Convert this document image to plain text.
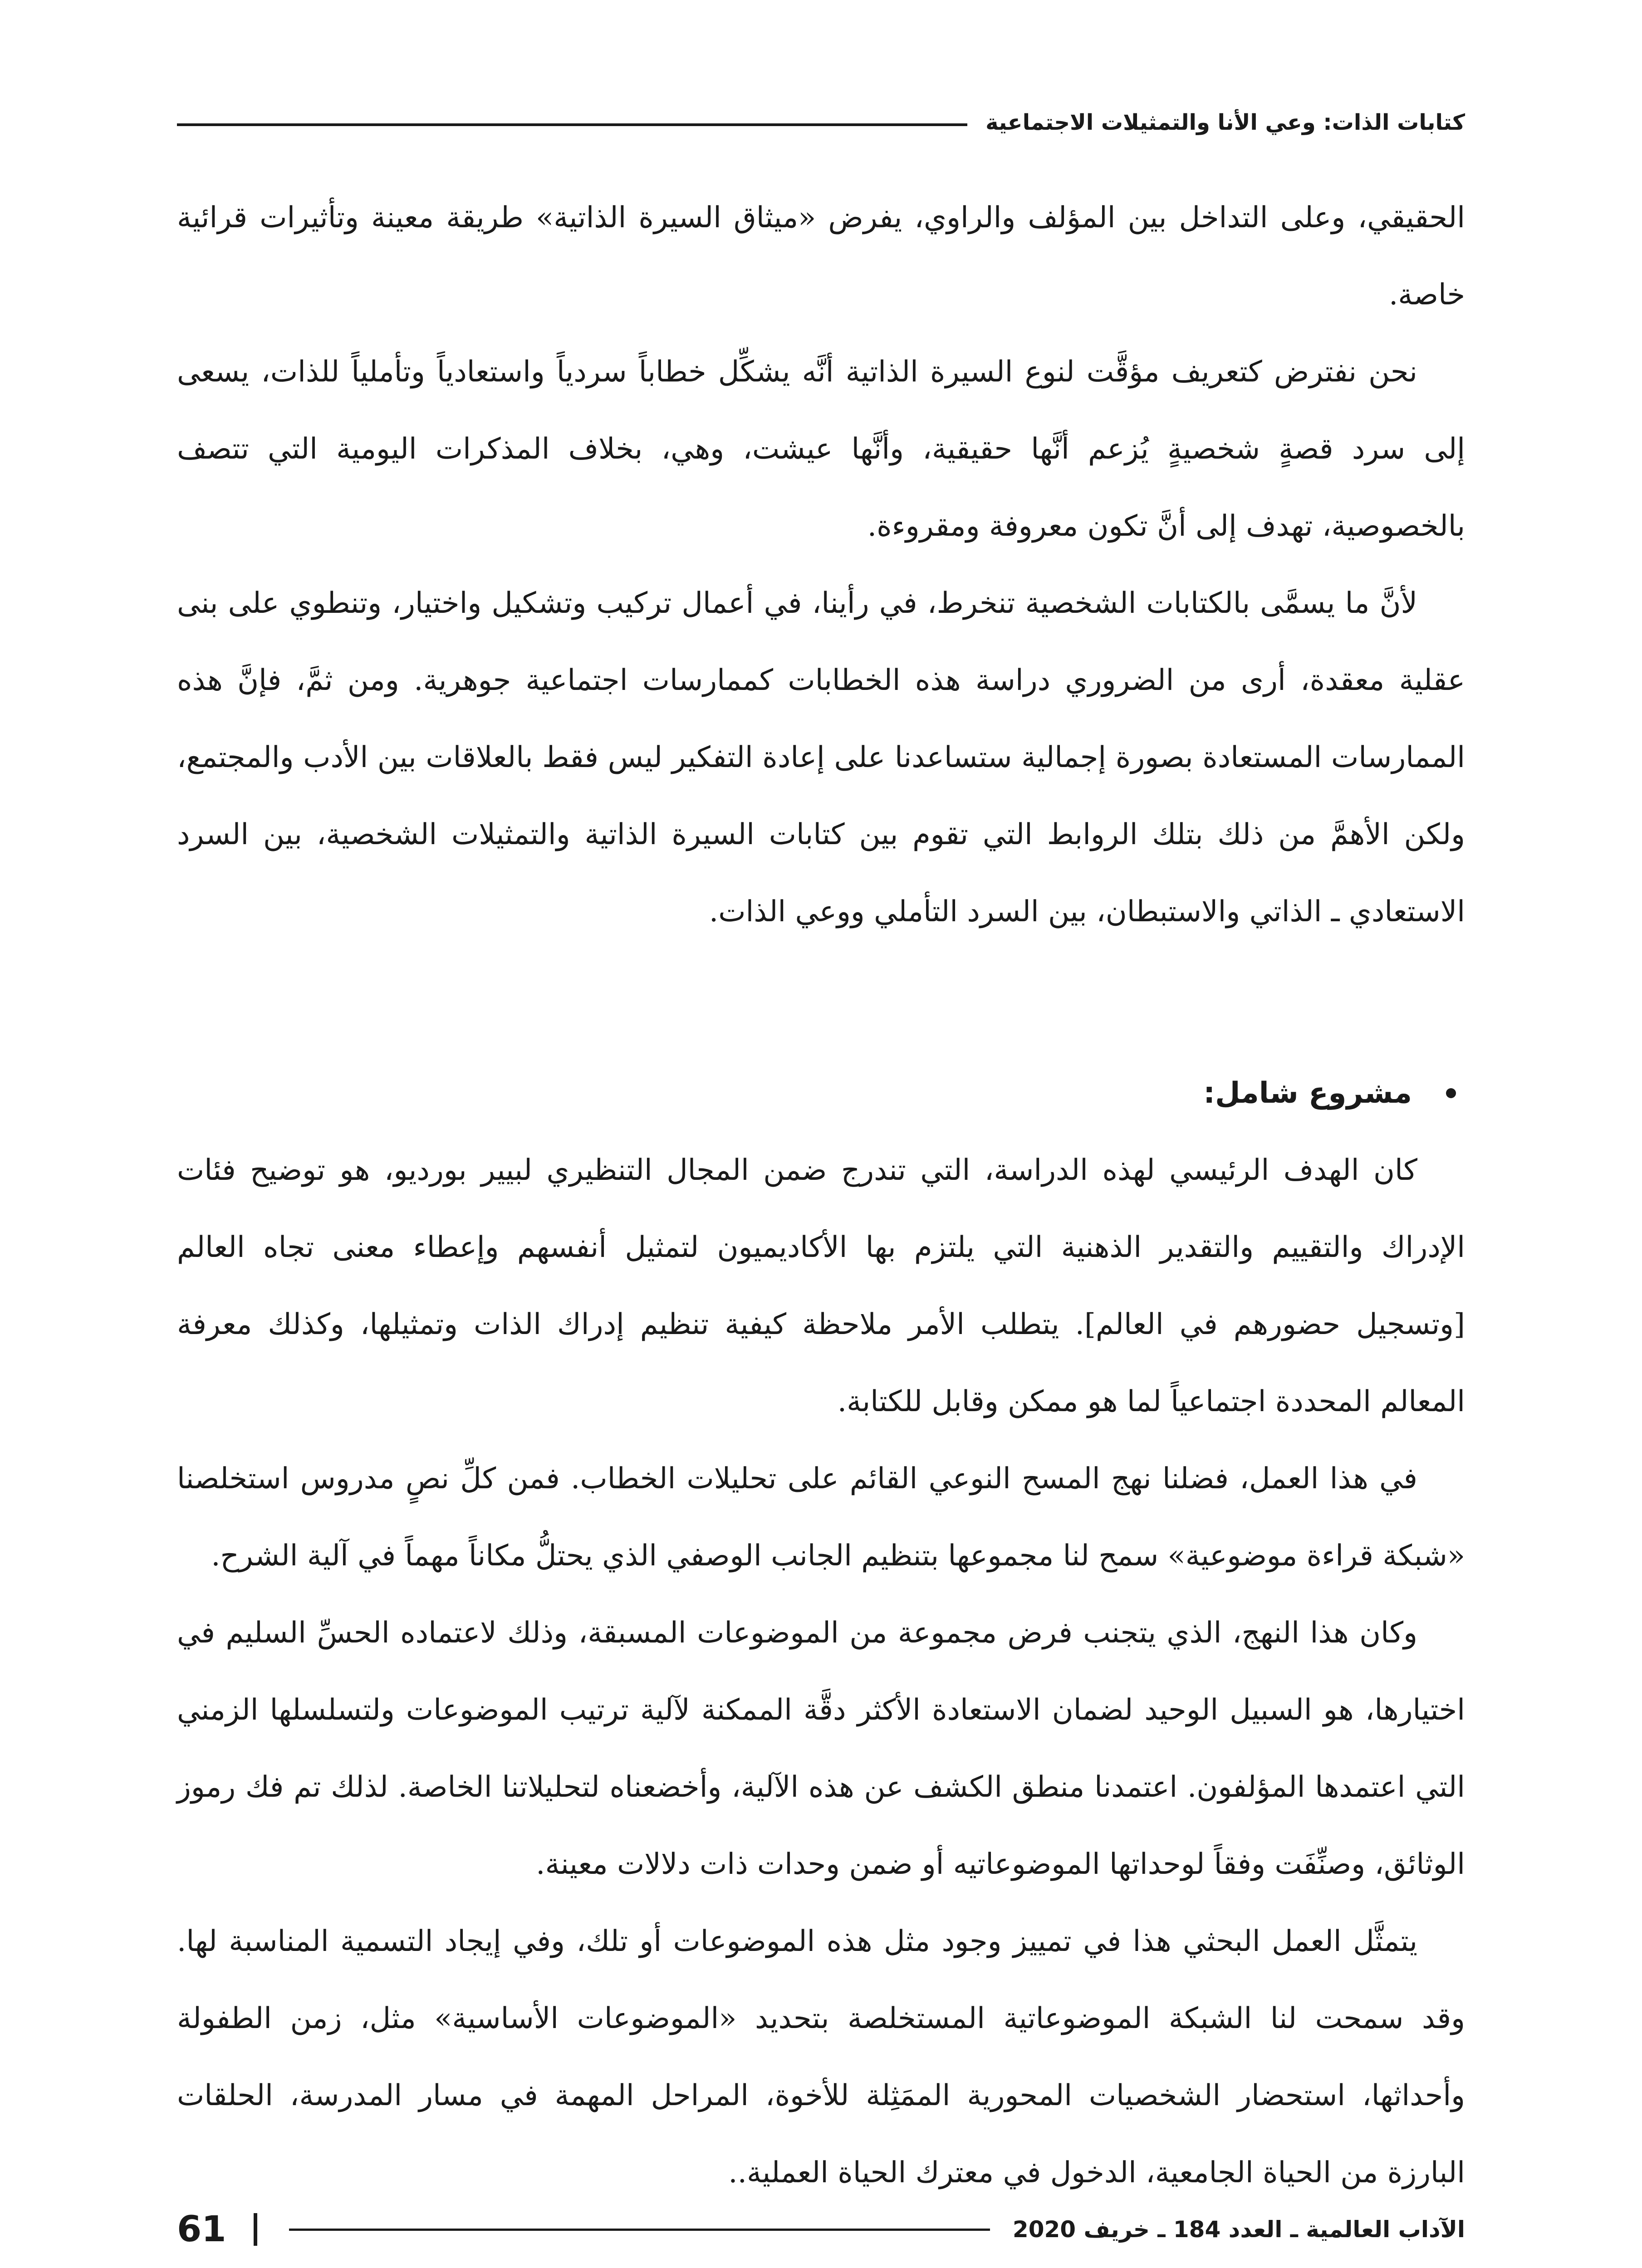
كتابات الذات: وعي الأنا والتمثيلات الاجتماعية

الحقيقي، وعلى التداخل بين المؤلف والراوي، يفرض «ميثاق السيرة الذاتية» طريقة معينة وتأثيرات قرائية خاصة.

نحن نفترض كتعريف مؤقَّت لنوع السيرة الذاتية أنَّه يشكِّل خطاباً سردياً واستعادياً وتأملياً للذات، يسعى إلى سرد قصةٍ شخصيةٍ يُزعم أنَّها حقيقية، وأنَّها عيشت، وهي، بخلاف المذكرات اليومية التي تتصف بالخصوصية، تهدف إلى أنَّ تكون معروفة ومقروءة.

لأنَّ ما يسمَّى بالكتابات الشخصية تنخرط، في رأينا، في أعمال تركيب وتشكيل واختيار، وتنطوي على بنى عقلية معقدة، أرى من الضروري دراسة هذه الخطابات كممارسات اجتماعية جوهرية. ومن ثمَّ، فإنَّ هذه الممارسات المستعادة بصورة إجمالية ستساعدنا على إعادة التفكير ليس فقط بالعلاقات بين الأدب والمجتمع، ولكن الأهمَّ من ذلك بتلك الروابط التي تقوم بين كتابات السيرة الذاتية والتمثيلات الشخصية، بين السرد الاستعادي ـ الذاتي والاستبطان، بين السرد التأملي ووعي الذات.

مشروع شامل:

كان الهدف الرئيسي لهذه الدراسة، التي تندرج ضمن المجال التنظيري لبيير بورديو، هو توضيح فئات الإدراك والتقييم والتقدير الذهنية التي يلتزم بها الأكاديميون لتمثيل أنفسهم وإعطاء معنى تجاه العالم [وتسجيل حضورهم في العالم]. يتطلب الأمر ملاحظة كيفية تنظيم إدراك الذات وتمثيلها، وكذلك معرفة المعالم المحددة اجتماعياً لما هو ممكن وقابل للكتابة.

في هذا العمل، فضلنا نهج المسح النوعي القائم على تحليلات الخطاب. فمن كلِّ نصٍ مدروس استخلصنا «شبكة قراءة موضوعية» سمح لنا مجموعها بتنظيم الجانب الوصفي الذي يحتلُّ مكاناً مهماً في آلية الشرح.

وكان هذا النهج، الذي يتجنب فرض مجموعة من الموضوعات المسبقة، وذلك لاعتماده الحسِّ السليم في اختيارها، هو السبيل الوحيد لضمان الاستعادة الأكثر دقَّة الممكنة لآلية ترتيب الموضوعات ولتسلسلها الزمني التي اعتمدها المؤلفون. اعتمدنا منطق الكشف عن هذه الآلية، وأخضعناه لتحليلاتنا الخاصة. لذلك تم فك رموز الوثائق، وصنِّفَت وفقاً لوحداتها الموضوعاتيه أو ضمن وحدات ذات دلالات معينة.

يتمثَّل العمل البحثي هذا في تمييز وجود مثل هذه الموضوعات أو تلك، وفي إيجاد التسمية المناسبة لها. وقد سمحت لنا الشبكة الموضوعاتية المستخلصة بتحديد «الموضوعات الأساسية» مثل، زمن الطفولة وأحداثها، استحضار الشخصيات المحورية الممَثِلة للأخوة، المراحل المهمة في مسار المدرسة، الحلقات البارزة من الحياة الجامعية، الدخول في معترك الحياة العملية..

الآداب العالمية ـ العدد 184 ـ خريف 2020
61
